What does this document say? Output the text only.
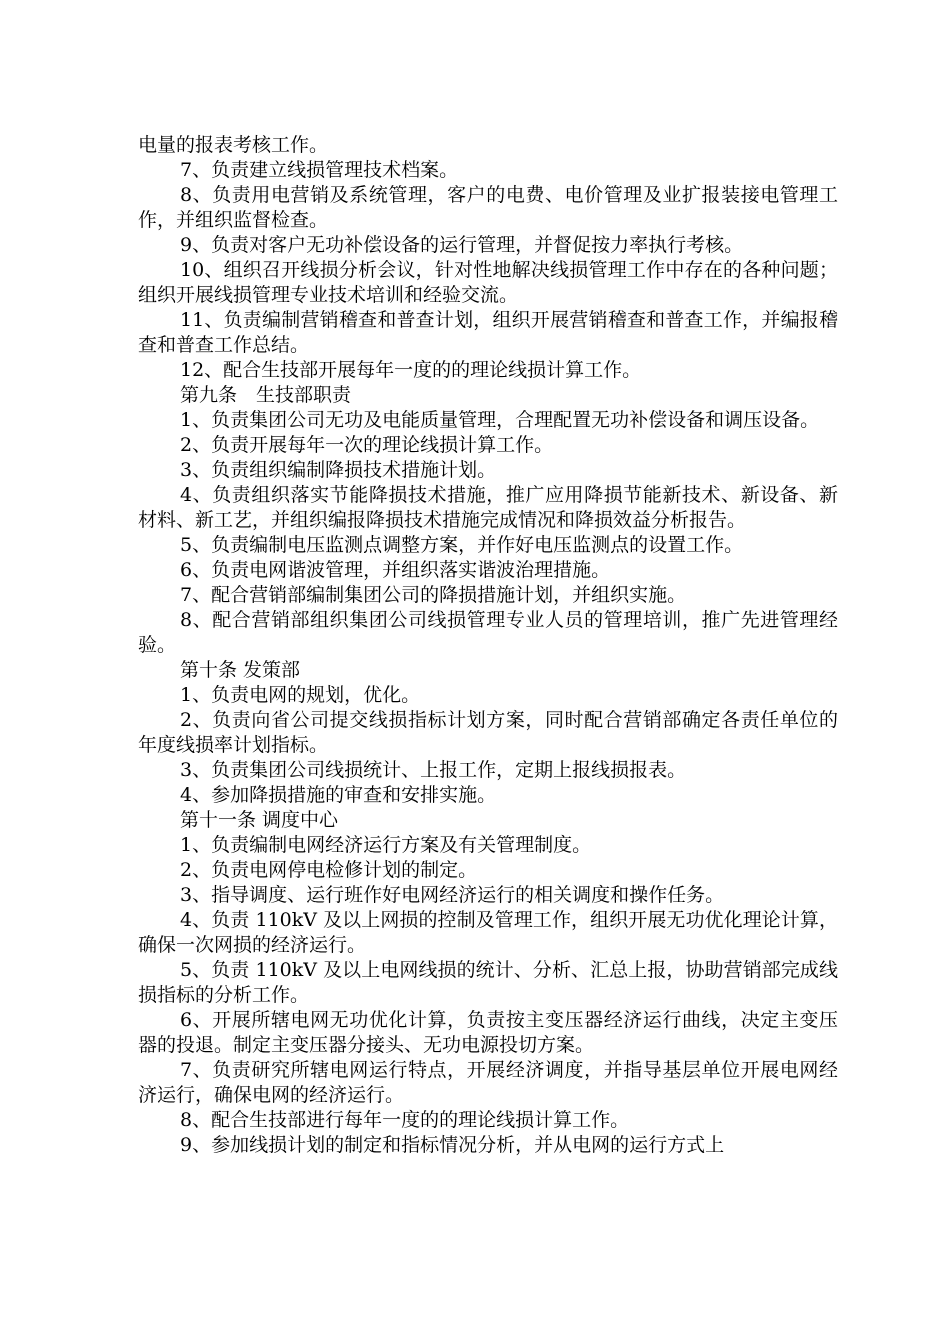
电量的报表考核工作。

7、负责建立线损管理技术档案。

8、负责用电营销及系统管理，客户的电费、电价管理及业扩报装接电管理工作，并组织监督检查。

9、负责对客户无功补偿设备的运行管理，并督促按力率执行考核。

10、组织召开线损分析会议，针对性地解决线损管理工作中存在的各种问题；组织开展线损管理专业技术培训和经验交流。

11、负责编制营销稽查和普查计划，组织开展营销稽查和普查工作，并编报稽查和普查工作总结。

12、配合生技部开展每年一度的的理论线损计算工作。

第九条　生技部职责

1、负责集团公司无功及电能质量管理，合理配置无功补偿设备和调压设备。

2、负责开展每年一次的理论线损计算工作。

3、负责组织编制降损技术措施计划。

4、负责组织落实节能降损技术措施，推广应用降损节能新技术、新设备、新材料、新工艺，并组织编报降损技术措施完成情况和降损效益分析报告。

5、负责编制电压监测点调整方案，并作好电压监测点的设置工作。

6、负责电网谐波管理，并组织落实谐波治理措施。

7、配合营销部编制集团公司的降损措施计划，并组织实施。

8、配合营销部组织集团公司线损管理专业人员的管理培训，推广先进管理经验。

第十条 发策部

1、负责电网的规划，优化。

2、负责向省公司提交线损指标计划方案，同时配合营销部确定各责任单位的年度线损率计划指标。

3、负责集团公司线损统计、上报工作，定期上报线损报表。

4、参加降损措施的审查和安排实施。

第十一条 调度中心

1、负责编制电网经济运行方案及有关管理制度。

2、负责电网停电检修计划的制定。

3、指导调度、运行班作好电网经济运行的相关调度和操作任务。

4、负责 110kV 及以上网损的控制及管理工作，组织开展无功优化理论计算，确保一次网损的经济运行。

5、负责 110kV 及以上电网线损的统计、分析、汇总上报，协助营销部完成线损指标的分析工作。

6、开展所辖电网无功优化计算，负责按主变压器经济运行曲线，决定主变压器的投退。制定主变压器分接头、无功电源投切方案。

7、负责研究所辖电网运行特点，开展经济调度，并指导基层单位开展电网经济运行，确保电网的经济运行。

8、配合生技部进行每年一度的的理论线损计算工作。

9、参加线损计划的制定和指标情况分析，并从电网的运行方式上
